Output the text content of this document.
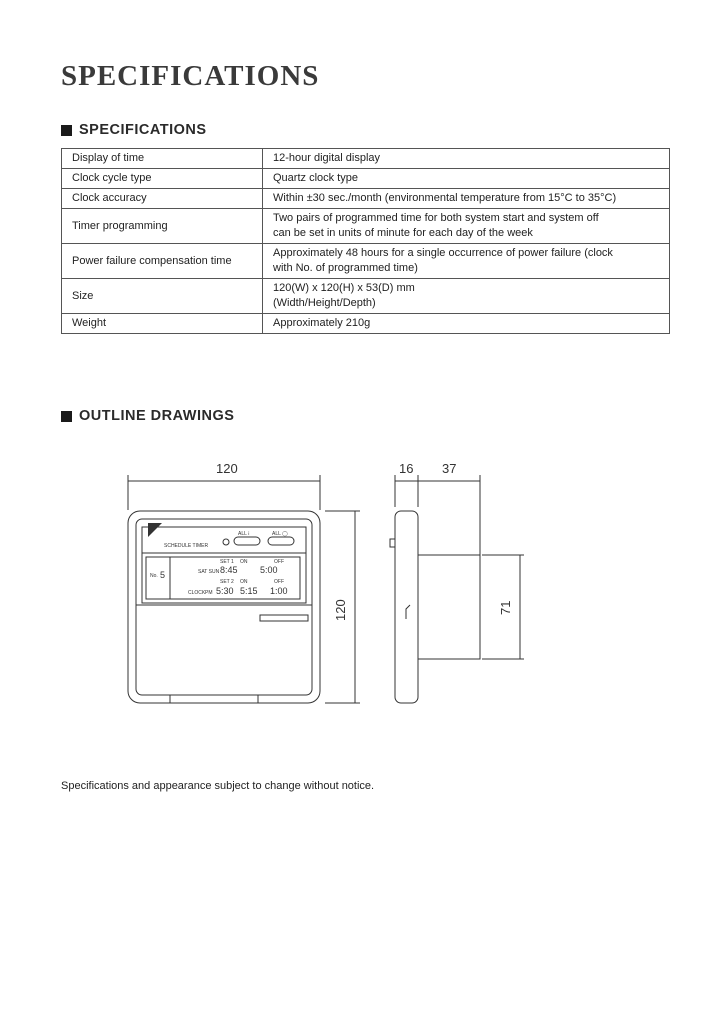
SPECIFICATIONS
SPECIFICATIONS
Display of time	12-hour digital display

Clock cycle type	Quartz clock type

Clock accuracy	Within ±30 sec./month (environmental temperature from 15°C to 35°C)

Timer programming	Two pairs of programmed time for both system start and system off
can be set in units of minute for each day of the week

Power failure compensation time	Approximately 48 hours for a single occurrence of power failure (clock
with No. of programmed time)

Size	120(W) x 120(H) x 53(D) mm
(Width/Height/Depth)

Weight	Approximately 210g
OUTLINE DRAWINGS
120	16 37
120	71
SCHEDULE TIMER
ALL ⅰ	ALL ◯
No.
SET 1 ON	OFF
SAT SUN
SET 2 ON	OFF
CLOCK PM
5	8:45 5:00
5:30 5:15 1:00

Specifications and appearance subject to change without notice.
